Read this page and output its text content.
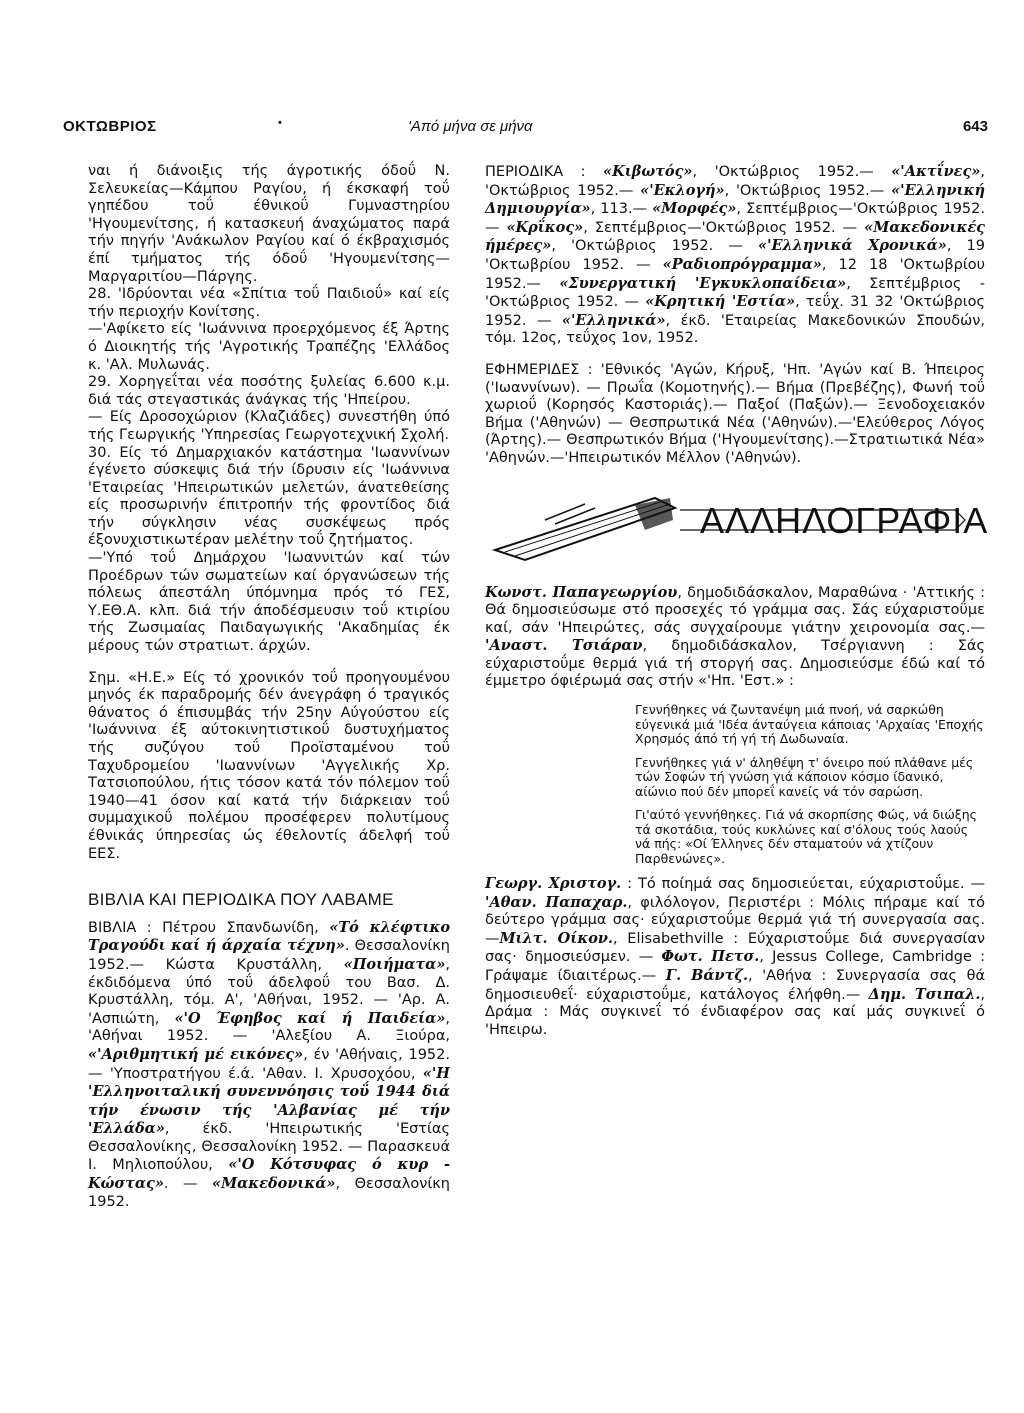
ΟΚΤΩΒΡΙΟΣ	•	'Από μήνα σε μήνα	643

ναι ή διάνοιξις τής άγροτικής όδοΰ Ν. Σελευκείας—Κάμπου Ραγίου, ή έκσκαφή τοΰ γηπέδου τοΰ έθνικοΰ Γυμναστηρίου 'Ηγουμενίτσης, ή κατασκευή άναχώματος παρά τήν πηγήν 'Ανάκωλον Ραγίου καί ό έκβραχισμός έπί τμήματος τής όδοΰ 'Ηγουμενίτσης—Μαργαριτίου—Πάργης.

28. 'Ιδρύονται νέα «Σπίτια τοΰ Παιδιοΰ» καί είς τήν περιοχήν Κονίτσης.

—'Αφίκετο είς 'Ιωάννινα προερχόμενος έξ Άρτης ό Διοικητής τής 'Αγροτικής Τραπέζης 'Ελλάδος κ. 'Αλ. Μυλωνάς.

29. Χορηγεΐται νέα ποσότης ξυλείας 6.600 κ.μ. διά τάς στεγαστικάς άνάγκας τής 'Ηπείρου.

— Είς Δροσοχώριον (Κλαζιάδες) συνεστήθη ύπό τής Γεωργικής 'Υπηρεσίας Γεωργοτεχνική Σχολή.

30. Είς τό Δημαρχιακόν κατάστημα 'Ιωαννίνων έγένετο σύσκεψις διά τήν ίδρυσιν είς 'Ιωάννινα 'Εταιρείας 'Ηπειρωτικών μελετών, άνατεθείσης είς προσωρινήν έπιτροπήν τής φροντίδος διά τήν σύγκλησιν νέας συσκέψεως πρός έξονυχιστικωτέραν μελέτην τοΰ ζητήματος.

—'Υπό τοΰ Δημάρχου 'Ιωαννιτών καί τών Προέδρων τών σωματείων καί όργανώσεων τής πόλεως άπεστάλη ύπόμνημα πρός τό ΓΕΣ, Υ.ΕΘ.Α. κλπ. διά τήν άποδέσμευσιν τοΰ κτιρίου τής Ζωσιμαίας Παιδαγωγικής 'Ακαδημίας έκ μέρους τών στρατιωτ. άρχών.

Σημ. «Η.Ε.» Είς τό χρονικόν τοΰ προηγουμένου μηνός έκ παραδρομής δέν άνεγράφη ό τραγικός θάνατος ό έπισυμβάς τήν 25ην Αύγούστου είς 'Ιωάννινα έξ αύτοκινητιστικοΰ δυστυχήματος τής συζύγου τοΰ Προϊσταμένου τοΰ Ταχυδρομείου 'Ιωαννίνων 'Αγγελικής Χρ. Τατσιοπούλου, ήτις τόσον κατά τόν πόλεμον τοΰ 1940—41 όσον καί κατά τήν διάρκειαν τοΰ συμμαχικοΰ πολέμου προσέφερεν πολυτίμους έθνικάς ύπηρεσίας ώς έθελοντίς άδελφή τοΰ ΕΕΣ.

ΒΙΒΛΙΑ ΚΑΙ ΠΕΡΙΟΔΙΚΑ ΠΟΥ ΛΑΒΑΜΕ

ΒΙΒΛΙΑ : Πέτρου Σπανδωνίδη, «Τό κλέφτικο Τραγούδι καί ή άρχαία τέχνη». Θεσσαλονίκη 1952.— Κώστα Κρυστάλλη, «Ποιήματα», έκδιδόμενα ύπό τοΰ άδελφοΰ του Βασ. Δ. Κρυστάλλη, τόμ. Α', 'Αθήναι, 1952. — 'Αρ. Α. 'Ασπιώτη, «'Ο Έφηβος καί ή Παιδεία», 'Αθήναι 1952. — 'Αλεξίου Α. Ξιούρα, «'Αριθμητική μέ εικόνες», έν 'Αθήναις, 1952.— 'Υποστρατήγου έ.ά. 'Αθαν. Ι. Χρυσοχόου, «'Η 'Ελληνοιταλική συνεννόησις τοΰ 1944 διά τήν ένωσιν τής 'Αλβανίας μέ τήν 'Ελλάδα», έκδ. 'Ηπειρωτικής 'Εστίας Θεσσαλονίκης, Θεσσαλονίκη 1952. — Παρασκευά Ι. Μηλιοπούλου, «'Ο Κότσυφας ό κυρ - Κώστας». — «Μακεδονικά», Θεσσαλονίκη 1952.

ΠΕΡΙΟΔΙΚΑ : «Κιβωτός», 'Οκτώβριος 1952.— «'Ακτΐνες», 'Οκτώβριος 1952.— «'Εκλογή», 'Οκτώβριος 1952.— «'Ελληνική Δημιουργία», 113.— «Μορφές», Σεπτέμβριος—'Οκτώβριος 1952.— «Κρΐκος», Σεπτέμβριος—'Οκτώβριος 1952. — «Μακεδονικές ήμέρες», 'Οκτώβριος 1952. — «'Ελληνικά Χρονικά», 19 'Οκτωβρίου 1952. — «Ραδιοπρόγραμμα», 12 18 'Οκτωβρίου 1952.— «Συνεργατική 'Εγκυκλοπαίδεια», Σεπτέμβριος - 'Οκτώβριος 1952. — «Κρητική 'Εστία», τεΰχ. 31 32 'Οκτώβριος 1952. — «'Ελληνικά», έκδ. 'Εταιρείας Μακεδονικών Σπουδών, τόμ. 12ος, τεΰχος 1ον, 1952.

ΕΦΗΜΕΡΙΔΕΣ : 'Εθνικός 'Αγών, Κήρυξ, 'Ηπ. 'Αγών καί Β. Ήπειρος ('Ιωαννίνων). — Πρωΐα (Κομοτηνής).— Βήμα (Πρεβέζης), Φωνή τοΰ χωριοΰ (Κορησός Καστοριάς).— Παξοί (Παξών).— Ξενοδοχειακόν Βήμα ('Αθηνών) — Θεσπρωτικά Νέα ('Αθηνών).—'Ελεύθερος Λόγος (Άρτης).— Θεσπρωτικόν Βήμα ('Ηγουμενίτσης).—Στρατιωτικά Νέα» 'Αθηνών.—'Ηπειρωτικόν Μέλλον ('Αθηνών).

ΑΛΛΗΛΟΓΡΑΦΙΑ

Κωνστ. Παπαγεωργίου, δημοδιδάσκαλον, Μαραθώνα · 'Αττικής : Θά δημοσιεύσωμε στό προσεχές τό γράμμα σας. Σάς εύχαριστοΰμε καί, σάν 'Ηπειρώτες, σάς συγχαίρουμε γιάτην χειρονομία σας.— 'Αναστ. Τσιάραν, δημοδιδάσκαλον, Τσέργιαννη : Σάς εύχαριστοΰμε θερμά γιά τή στοργή σας. Δημοσιεύσμε έδώ καί τό έμμετρο όφιέρωμά σας στήν «'Ηπ. 'Εστ.» :

Γεννήθηκες νά ζωντανέψη μιά πνοή, νά σαρκώθη εύγενικά μιά 'Ιδέα άνταύγεια κάποιας 'Αρχαίας 'Εποχής Χρησμός άπό τή γή τή Δωδωναία.

Γεννήθηκες γιά ν' άληθέψη τ' όνειρο πού πλάθανε μές τών Σοφών τή γνώση γιά κάποιον κόσμο ίδανικό, αίώνιο πού δέν μπορεΐ κανείς νά τόν σαρώση.

Γι'αύτό γεννήθηκες. Γιά νά σκορπίσης Φώς, νά διώξης τά σκοτάδια, τούς κυκλώνες καί σ'όλους τούς λαούς νά πής: «Οί Έλληνες δέν σταματούν νά χτίζουν Παρθενώνες».

Γεωργ. Χριστογ. : Τό ποίημά σας δημοσιεύεται, εύχαριστοΰμε. — 'Αθαν. Παπαχαρ., φιλόλογον, Περιστέρι : Μόλις πήραμε καί τό δεύτερο γράμμα σας· εύχαριστοΰμε θερμά γιά τή συνεργασία σας.—Μιλτ. Οίκον., Elisabethville : Εύχαριστοΰμε διά συνεργασίαν σας· δημοσιεύσμεν. — Φωτ. Πετσ., Jessus College, Cambridge : Γράψαμε ίδιαιτέρως.— Γ. Βάντζ., 'Αθήνα : Συνεργασία σας θά δημοσιευθεΐ· εύχαριστοΰμε, κατάλογος έλήφθη.— Δημ. Τσιπαλ., Δράμα : Μάς συγκινεΐ τό ένδιαφέρον σας καί μάς συγκινεΐ ό 'Ηπειρω.
